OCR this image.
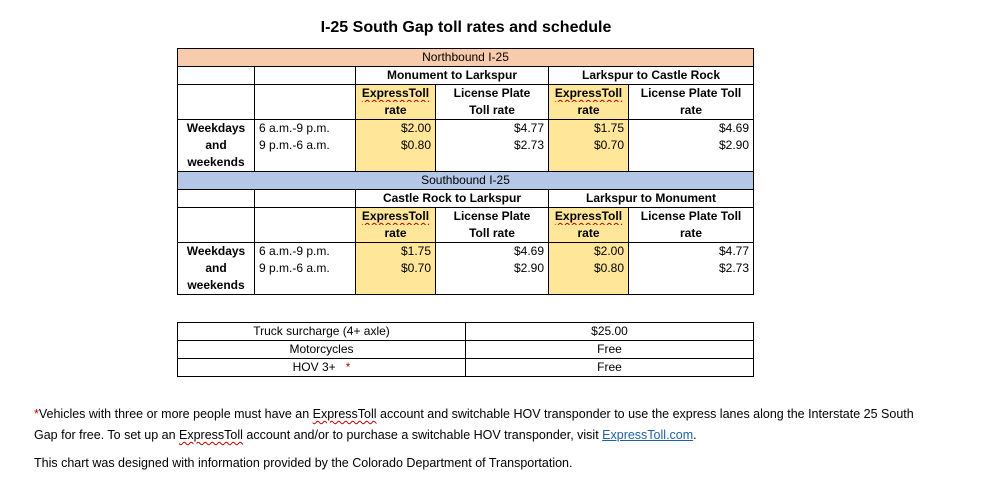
I-25 South Gap toll rates and schedule
Northbound I-25					
		Monument to Larkspur		Larkspur to Castle Rock	
		ExpressToll	License Plate	ExpressToll	License Plate Toll
		rate	Toll rate	rate	rate
Weekdays	6 a.m.-9 p.m.	$2.00	$4.77	$1.75	$4.69
and	9 p.m.-6 a.m.	$0.80	$2.73	$0.70	$2.90
weekends					
Southbound I-25					
		Castle Rock to Larkspur		Larkspur to Monument	
		ExpressToll	License Plate	ExpressToll	License Plate Toll
		rate	Toll rate	rate	rate
Weekdays	6 a.m.-9 p.m.	$1.75	$4.69	$2.00	$4.77
and	9 p.m.-6 a.m.	$0.70	$2.90	$0.80	$2.73
weekends					
Truck surcharge (4+ axle)	$25.00
Motorcycles	Free
HOV 3+ *	Free

*Vehicles with three or more people must have an ExpressToll account and switchable HOV transponder to use the express lanes along the Interstate 25 South Gap for free. To set up an ExpressToll account and/or to purchase a switchable HOV transponder, visit ExpressToll.com.

This chart was designed with information provided by the Colorado Department of Transportation.
